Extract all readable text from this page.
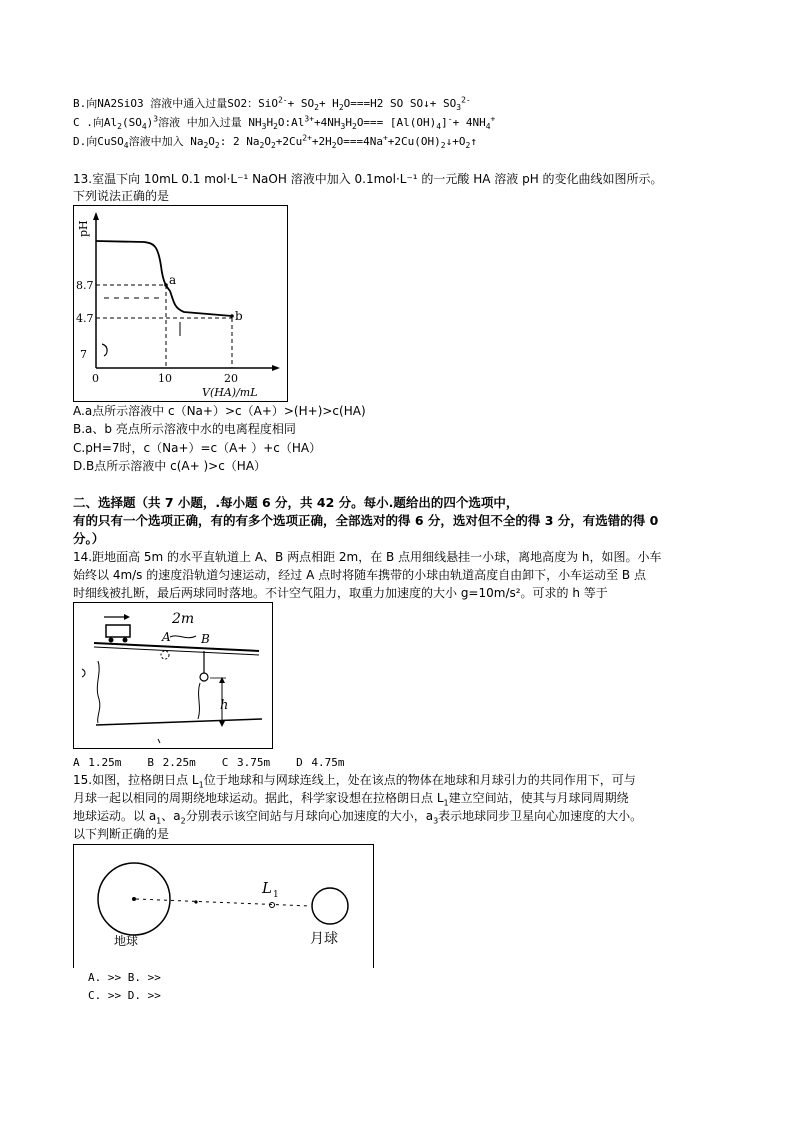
B.向NA2SiO3 溶液中通入过量SO2：$SiO^{2-}+ SO_2+ H_2O===H2$ SO SO↓+ $SO_3^{2-}$
C .向$Al_2(SO_4)^3$溶液 中加入过量 $NH_3H_2O:Al^{3+}+4NH_3H_2O=== [Al(OH)_4]^-+ 4NH_4^+$
D.向CuSO$_4$溶液中加入 $Na_2O_2$: 2 $Na_2O_2+2Cu^{2+}+2H_2O===4Na^++2Cu(OH)_2↓+O_2↑$
13.室温下向 10mL 0.1 mol·L⁻¹ NaOH 溶液中加入 0.1mol·L⁻¹ 的一元酸 HA 溶液 pH 的变化曲线如图所示。
下列说法正确的是
pH
a
b
8.7
4.7
7
0	10	20
V(HA)/mL
A.a点所示溶液中 c（Na+）>c（A+）>(H+)>c(HA)
B.a、b 亮点所示溶液中水的电离程度相同
C.pH=7时，c（Na+）=c（A+ ）+c（HA）
D.B点所示溶液中 c(A+ )>c（HA）
二、选择题（共 7 小题，.每小题 6 分，共 42 分。每小.题给出的四个选项中，
有的只有一个选项正确，有的有多个选项正确，全部选对的得 6 分，选对但不全的得 3 分，有选错的得 0
分。）
14.距地面高 5m 的水平直轨道上 A、B 两点相距 2m，在 B 点用细线悬挂一小球，离地高度为 h，如图。小车
始终以 4m/s 的速度沿轨道匀速运动，经过 A 点时将随车携带的小球由轨道高度自由卸下，小车运动至 B 点
时细线被扎断，最后两球同时落地。不计空气阻力，取重力加速度的大小 g=10m/s²。可求的 h 等于
2m
A	B
h
A 1.25m B 2.25m C 3.75m D 4.75m
15.如图，拉格朗日点 $L_1$位于地球和与网球连线上，处在该点的物体在地球和月球引力的共同作用下，可与
月球一起以相同的周期绕地球运动。据此，科学家设想在拉格朗日点 $L_1$建立空间站，使其与月球同周期绕
地球运动。以 $a_1$、$a_2$分别表示该空间站与月球向心加速度的大小，$a_3$表示地球同步卫星向心加速度的大小。
以下判断正确的是
L 1
地球	月球
A. >> B. >>
C. >> D. >>
